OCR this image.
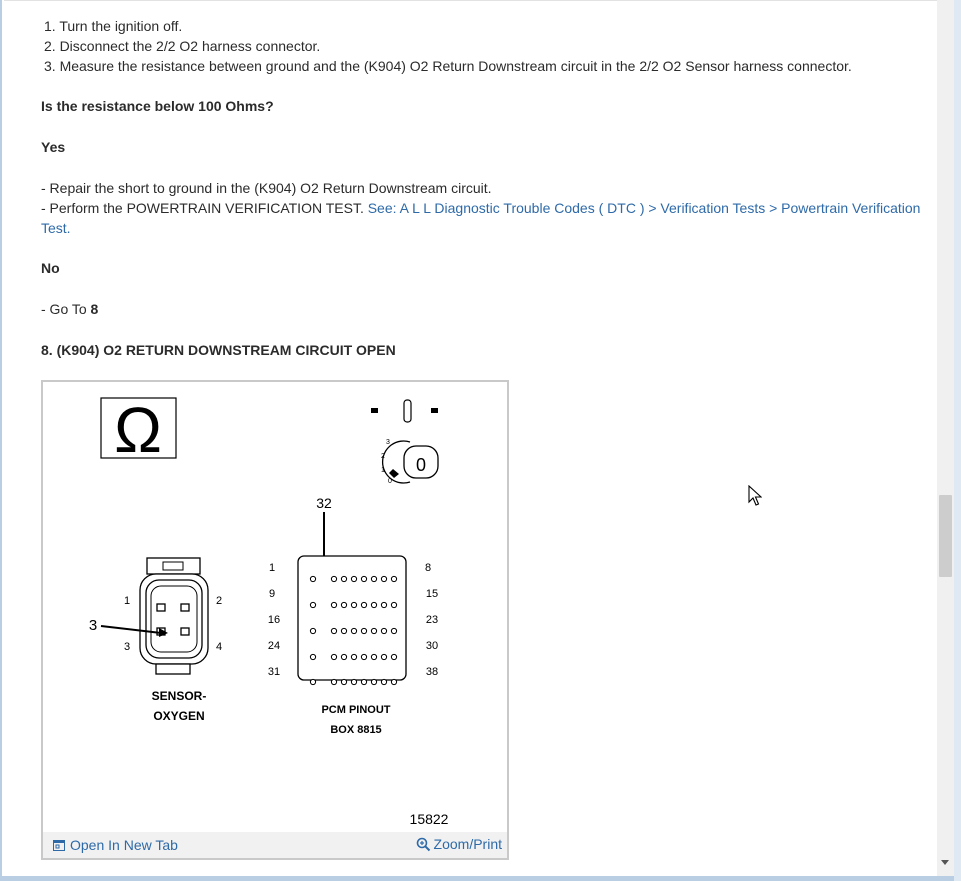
1. Turn the ignition off.
2. Disconnect the 2/2 O2 harness connector.
3. Measure the resistance between ground and the (K904) O2 Return Downstream circuit in the 2/2 O2 Sensor harness connector.
Is the resistance below 100 Ohms?
Yes
- Repair the short to ground in the (K904) O2 Return Downstream circuit.
- Perform the POWERTRAIN VERIFICATION TEST. See: A L L Diagnostic Trouble Codes ( DTC ) > Verification Tests > Powertrain Verification Test.
No
- Go To 8
8. (K904) O2 RETURN DOWNSTREAM CIRCUIT OPEN
Ω	0
3
2
1
0
32
1	2
3	4
3
SENSOR-
OXYGEN
1
9
16
24
31
8
15
23
30
38
PCM PINOUT
BOX 8815
15822
Open In New Tab	Zoom/Print
